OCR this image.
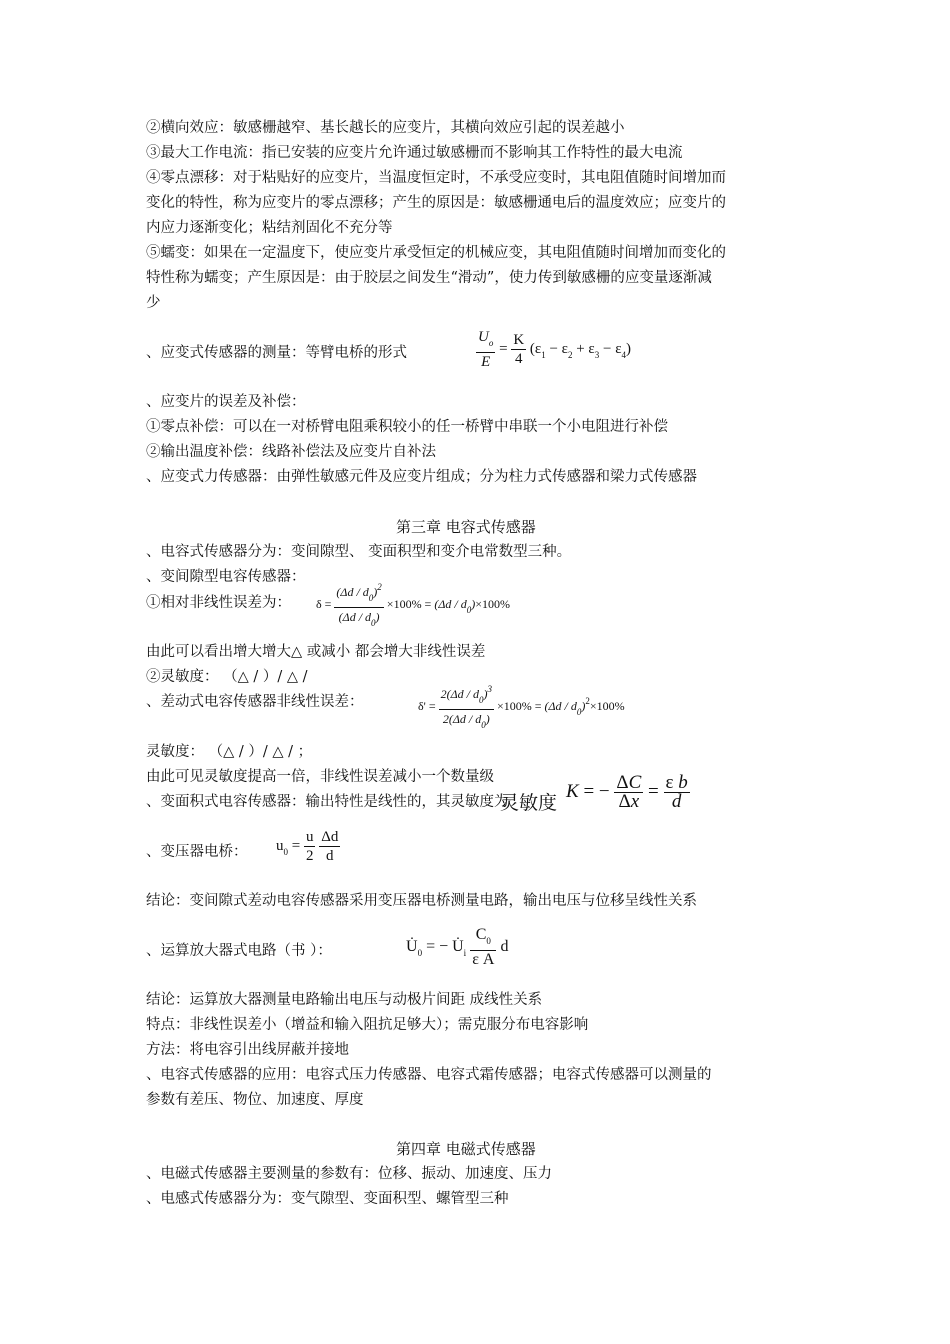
②横向效应：敏感栅越窄、基长越长的应变片，其横向效应引起的误差越小
③最大工作电流：指已安装的应变片允许通过敏感栅而不影响其工作特性的最大电流
④零点漂移：对于粘贴好的应变片，当温度恒定时，不承受应变时，其电阻值随时间增加而
变化的特性，称为应变片的零点漂移；产生的原因是：敏感栅通电后的温度效应；应变片的
内应力逐渐变化；粘结剂固化不充分等
⑤蠕变：如果在一定温度下，使应变片承受恒定的机械应变，其电阻值随时间增加而变化的
特性称为蠕变；产生原因是：由于胶层之间发生“滑动”，使力传到敏感栅的应变量逐渐减
少
、应变式传感器的测量：等臂电桥的形式	$\frac{U_o}{E} = \frac{K}{4} (\varepsilon_1 - \varepsilon_2 + \varepsilon_3 - \varepsilon_4)$
、应变片的误差及补偿：
①零点补偿：可以在一对桥臂电阻乘积较小的任一桥臂中串联一个小电阻进行补偿
②输出温度补偿：线路补偿法及应变片自补法
、应变式力传感器：由弹性敏感元件及应变片组成；分为柱力式传感器和梁力式传感器
第三章 电容式传感器
、电容式传感器分为：变间隙型、 变面积型和变介电常数型三种。
、变间隙型电容传感器：
①相对非线性误差为： $\delta = \frac{(\Delta d / d_0)^2}{(\Delta d / d_0)} \times 100\% = (\Delta d / d_0)\times 100\%$
由此可以看出增大增大△ 或减小 都会增大非线性误差
②灵敏度： （△ / ）/ △ /
、差动式电容传感器非线性误差：	$\delta' = \frac{2(\Delta d / d_0)^3}{2(\Delta d / d_0)} \times 100\% = (\Delta d / d_0)^2\times 100\%$
灵敏度： （△ / ）/ △ / ；
由此可见灵敏度提高一倍，非线性误差减小一个数量级
、变面积式电容传感器：输出特性是线性的，其灵敏度为
灵敏度
K = − $\frac{\Delta C}{\Delta x} = \frac{\text{ε b}}{d}$
、变压器电桥： $u_0 = \frac{u}{2}$
$\frac{\Delta d}{d}$
结论：变间隙式差动电容传感器采用变压器电桥测量电路，输出电压与位移呈线性关系
、运算放大器式电路（书 ）：	$U̇_0$ = − $U̇_i \frac{C_0}{\text{ε A}}$ d
结论：运算放大器测量电路输出电压与动极片间距 成线性关系
特点：非线性误差小（增益和输入阻抗足够大）；需克服分布电容影响
方法：将电容引出线屏蔽并接地
、电容式传感器的应用：电容式压力传感器、电容式霜传感器；电容式传感器可以测量的
参数有差压、物位、加速度、厚度
第四章 电磁式传感器
、电磁式传感器主要测量的参数有：位移、振动、加速度、压力
、电感式传感器分为：变气隙型、变面积型、螺管型三种
